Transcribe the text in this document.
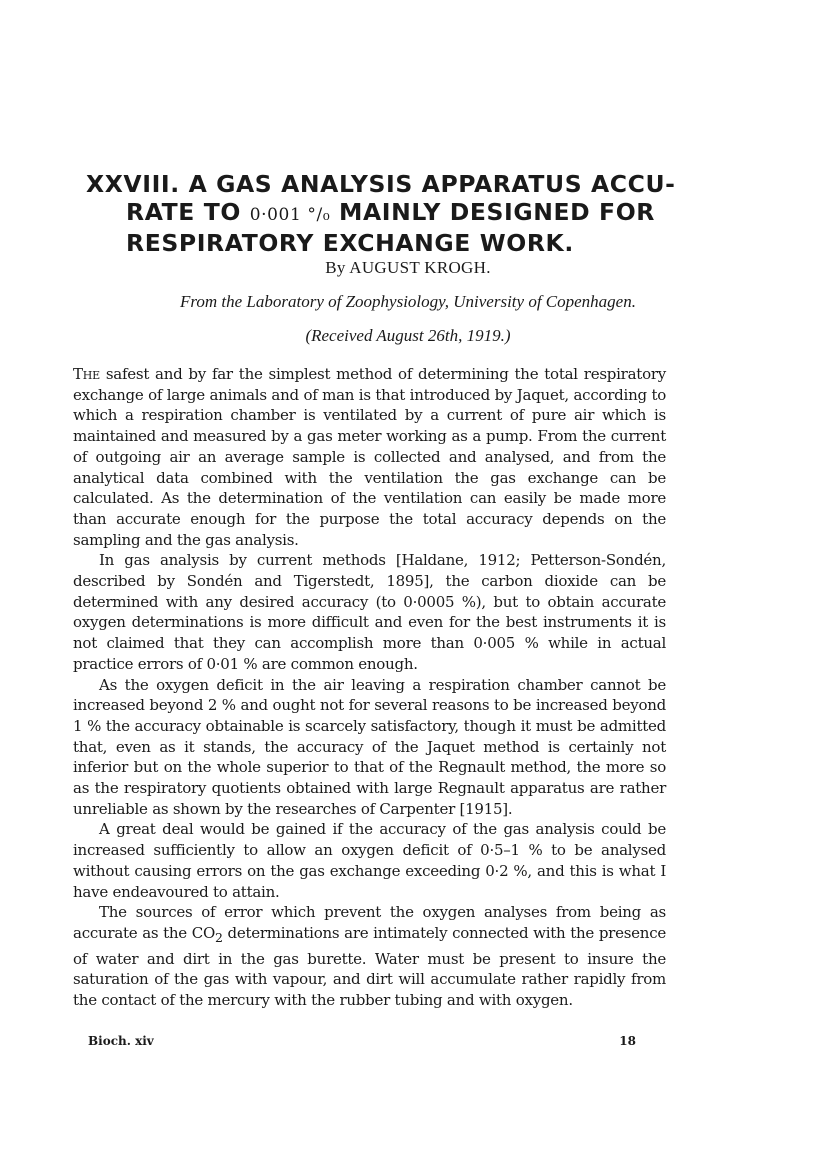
XXVIII. A GAS ANALYSIS APPARATUS ACCU-
RATE TO 0·001 °/₀ MAINLY DESIGNED FOR
RESPIRATORY EXCHANGE WORK.
By AUGUST KROGH.
From the Laboratory of Zoophysiology, University of Copenhagen.
(Received August 26th, 1919.)

The safest and by far the simplest method of determining the total respiratory exchange of large animals and of man is that introduced by Jaquet, according to which a respiration chamber is ventilated by a current of pure air which is maintained and measured by a gas meter working as a pump. From the current of outgoing air an average sample is collected and analysed, and from the analytical data combined with the ventilation the gas exchange can be calculated. As the determination of the ventilation can easily be made more than accurate enough for the purpose the total accuracy depends on the sampling and the gas analysis.

In gas analysis by current methods [Haldane, 1912; Petterson-Sondén, described by Sondén and Tigerstedt, 1895], the carbon dioxide can be determined with any desired accuracy (to 0·0005 %), but to obtain accurate oxygen determinations is more difficult and even for the best instruments it is not claimed that they can accomplish more than 0·005 % while in actual practice errors of 0·01 % are common enough.

As the oxygen deficit in the air leaving a respiration chamber cannot be increased beyond 2 % and ought not for several reasons to be increased beyond 1 % the accuracy obtainable is scarcely satisfactory, though it must be admitted that, even as it stands, the accuracy of the Jaquet method is certainly not inferior but on the whole superior to that of the Regnault method, the more so as the respiratory quotients obtained with large Regnault apparatus are rather unreliable as shown by the researches of Carpenter [1915].

A great deal would be gained if the accuracy of the gas analysis could be increased sufficiently to allow an oxygen deficit of 0·5–1 % to be analysed without causing errors on the gas exchange exceeding 0·2 %, and this is what I have endeavoured to attain.

The sources of error which prevent the oxygen analyses from being as accurate as the $CO_2$ determinations are intimately connected with the presence of water and dirt in the gas burette. Water must be present to insure the saturation of the gas with vapour, and dirt will accumulate rather rapidly from the contact of the mercury with the rubber tubing and with oxygen.

Bioch. xiv	18
